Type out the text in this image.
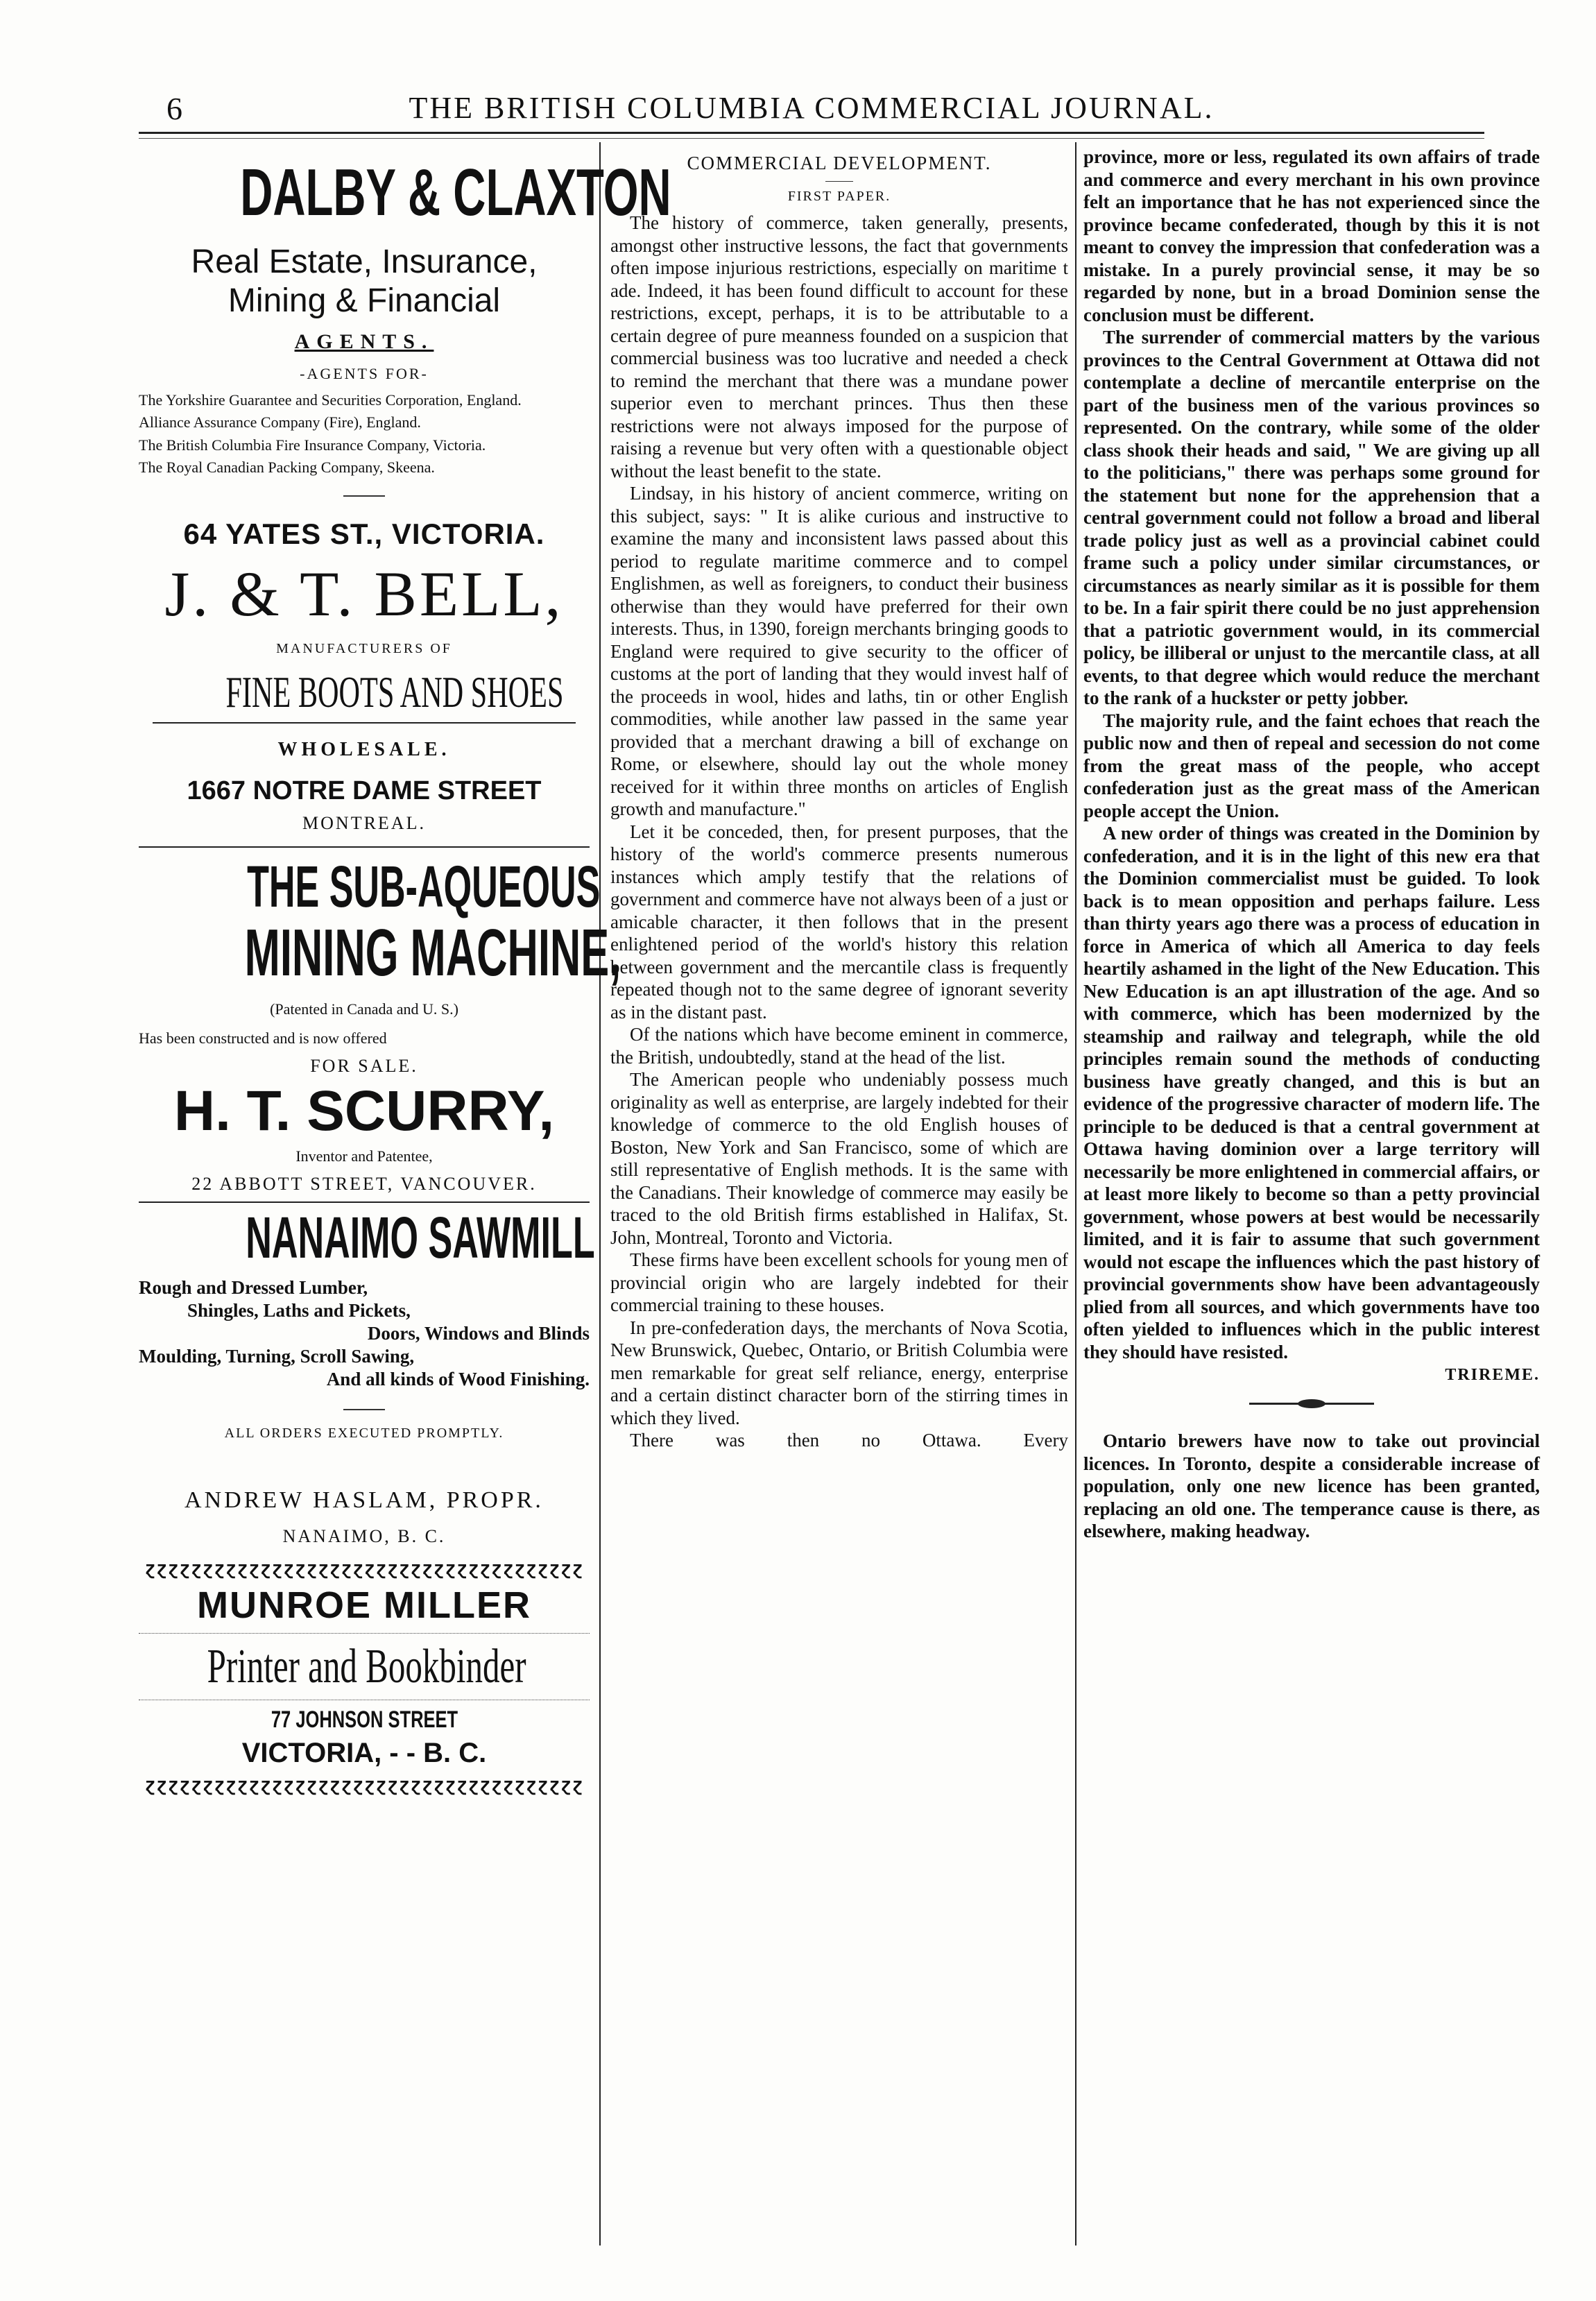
6	THE BRITISH COLUMBIA COMMERCIAL JOURNAL.
DALBY & CLAXTON
Real Estate, Insurance,
Mining & Financial
AGENTS.
-AGENTS FOR-
The Yorkshire Guarantee and Securities Corporation, England.
Alliance Assurance Company (Fire), England.
The British Columbia Fire Insurance Company, Victoria.
The Royal Canadian Packing Company, Skeena.
64 YATES ST., VICTORIA.
J. & T. BELL,
MANUFACTURERS OF
FINE BOOTS AND SHOES
WHOLESALE.
1667 NOTRE DAME STREET
MONTREAL.
THE SUB-AQUEOUS
MINING MACHINE,
(Patented in Canada and U. S.)
Has been constructed and is now offered
FOR SALE.
H. T. SCURRY,
Inventor and Patentee,
22 ABBOTT STREET, VANCOUVER.
NANAIMO SAWMILL
Rough and Dressed Lumber,
Shingles, Laths and Pickets,
Doors, Windows and Blinds
Moulding, Turning, Scroll Sawing,
And all kinds of Wood Finishing.
ALL ORDERS EXECUTED PROMPTLY.
ANDREW HASLAM, PROPR.
NANAIMO, B. C.
ɀɀɀɀɀɀɀɀɀɀɀɀɀɀɀɀɀɀɀɀɀɀɀɀɀɀɀɀɀɀɀɀɀɀɀɀɀɀ
MUNROE MILLER
Printer and Bookbinder
77 JOHNSON STREET
VICTORIA, - - B. C.
ɀɀɀɀɀɀɀɀɀɀɀɀɀɀɀɀɀɀɀɀɀɀɀɀɀɀɀɀɀɀɀɀɀɀɀɀɀɀ
COMMERCIAL DEVELOPMENT.
FIRST PAPER.

The history of commerce, taken generally, presents, amongst other instructive lessons, the fact that governments often impose injurious restrictions, especially on maritime t ade. Indeed, it has been found difficult to account for these restrictions, except, perhaps, it is to be attributable to a certain degree of pure meanness founded on a suspicion that commercial business was too lucrative and needed a check to remind the merchant that there was a mundane power superior even to merchant princes. Thus then these restrictions were not always imposed for the purpose of raising a revenue but very often with a questionable object without the least benefit to the state.

Lindsay, in his history of ancient commerce, writing on this subject, says: " It is alike curious and instructive to examine the many and inconsistent laws passed about this period to regulate maritime commerce and to compel Englishmen, as well as foreigners, to conduct their business otherwise than they would have preferred for their own interests. Thus, in 1390, foreign merchants bringing goods to England were required to give security to the officer of customs at the port of landing that they would invest half of the proceeds in wool, hides and laths, tin or other English commodities, while another law passed in the same year provided that a merchant drawing a bill of exchange on Rome, or elsewhere, should lay out the whole money received for it within three months on articles of English growth and manufacture."

Let it be conceded, then, for present purposes, that the history of the world's commerce presents numerous instances which amply testify that the relations of government and commerce have not always been of a just or amicable character, it then follows that in the present enlightened period of the world's history this relation between government and the mercantile class is frequently repeated though not to the same degree of ignorant severity as in the distant past.

Of the nations which have become eminent in commerce, the British, undoubtedly, stand at the head of the list.

The American people who undeniably possess much originality as well as enterprise, are largely indebted for their knowledge of commerce to the old English houses of Boston, New York and San Francisco, some of which are still representative of English methods. It is the same with the Canadians. Their knowledge of commerce may easily be traced to the old British firms established in Halifax, St. John, Montreal, Toronto and Victoria.

These firms have been excellent schools for young men of provincial origin who are largely indebted for their commercial training to these houses.

In pre-confederation days, the merchants of Nova Scotia, New Brunswick, Quebec, Ontario, or British Columbia were men remarkable for great self reliance, energy, enterprise and a certain distinct character born of the stirring times in which they lived.

There was then no Ottawa. Every

province, more or less, regulated its own affairs of trade and commerce and every merchant in his own province felt an importance that he has not experienced since the province became confederated, though by this it is not meant to convey the impression that confederation was a mistake. In a purely provincial sense, it may be so regarded by none, but in a broad Dominion sense the conclusion must be different.

The surrender of commercial matters by the various provinces to the Central Government at Ottawa did not contemplate a decline of mercantile enterprise on the part of the business men of the various provinces so represented. On the contrary, while some of the older class shook their heads and said, " We are giving up all to the politicians," there was perhaps some ground for the statement but none for the apprehension that a central government could not follow a broad and liberal trade policy just as well as a provincial cabinet could frame such a policy under similar circumstances, or circumstances as nearly similar as it is possible for them to be. In a fair spirit there could be no just apprehension that a patriotic government would, in its commercial policy, be illiberal or unjust to the mercantile class, at all events, to that degree which would reduce the merchant to the rank of a huckster or petty jobber.

The majority rule, and the faint echoes that reach the public now and then of repeal and secession do not come from the great mass of the people, who accept confederation just as the great mass of the American people accept the Union.

A new order of things was created in the Dominion by confederation, and it is in the light of this new era that the Dominion commercialist must be guided. To look back is to mean opposition and perhaps failure. Less than thirty years ago there was a process of education in force in America of which all America to day feels heartily ashamed in the light of the New Education. This New Education is an apt illustration of the age. And so with commerce, which has been modernized by the steamship and railway and telegraph, while the old principles remain sound the methods of conducting business have greatly changed, and this is but an evidence of the progressive character of modern life. The principle to be deduced is that a central government at Ottawa having dominion over a large territory will necessarily be more enlightened in commercial affairs, or at least more likely to become so than a petty provincial government, whose powers at best would be necessarily limited, and it is fair to assume that such government would not escape the influences which the past history of provincial governments show have been advantageously plied from all sources, and which governments have too often yielded to influences which in the public interest they should have resisted.

TRIREME.

Ontario brewers have now to take out provincial licences. In Toronto, despite a considerable increase of population, only one new licence has been granted, replacing an old one. The temperance cause is there, as elsewhere, making headway.
